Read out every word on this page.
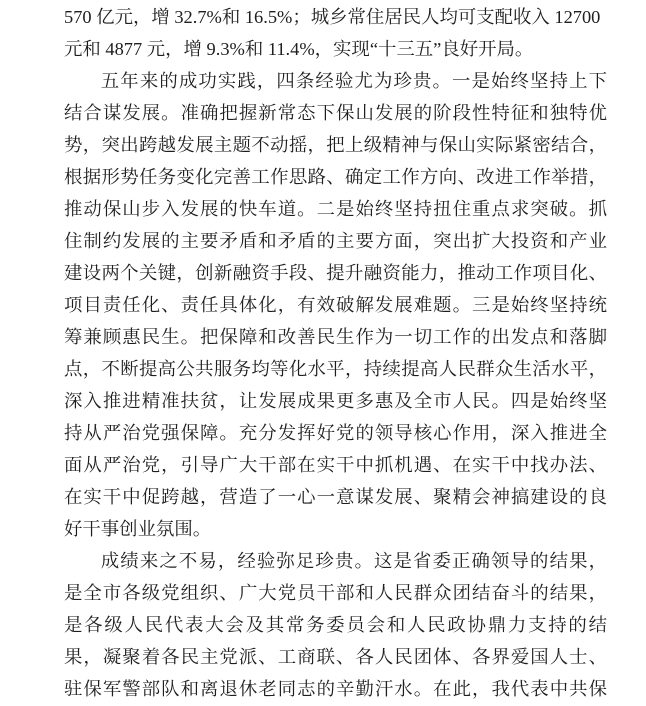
570 亿元，增 32.7%和 16.5%；城乡常住居民人均可支配收入 12700
元和 4877 元，增 9.3%和 11.4%，实现“十三五”良好开局。
五年来的成功实践，四条经验尤为珍贵。一是始终坚持上下
结合谋发展。准确把握新常态下保山发展的阶段性特征和独特优
势，突出跨越发展主题不动摇，把上级精神与保山实际紧密结合，
根据形势任务变化完善工作思路、确定工作方向、改进工作举措，
推动保山步入发展的快车道。二是始终坚持扭住重点求突破。抓
住制约发展的主要矛盾和矛盾的主要方面，突出扩大投资和产业
建设两个关键，创新融资手段、提升融资能力，推动工作项目化、
项目责任化、责任具体化，有效破解发展难题。三是始终坚持统
筹兼顾惠民生。把保障和改善民生作为一切工作的出发点和落脚
点，不断提高公共服务均等化水平，持续提高人民群众生活水平，
深入推进精准扶贫，让发展成果更多惠及全市人民。四是始终坚
持从严治党强保障。充分发挥好党的领导核心作用，深入推进全
面从严治党，引导广大干部在实干中抓机遇、在实干中找办法、
在实干中促跨越，营造了一心一意谋发展、聚精会神搞建设的良
好干事创业氛围。
成绩来之不易，经验弥足珍贵。这是省委正确领导的结果，
是全市各级党组织、广大党员干部和人民群众团结奋斗的结果，
是各级人民代表大会及其常务委员会和人民政协鼎力支持的结
果，凝聚着各民主党派、工商联、各人民团体、各界爱国人士、
驻保军警部队和离退休老同志的辛勤汗水。在此，我代表中共保
